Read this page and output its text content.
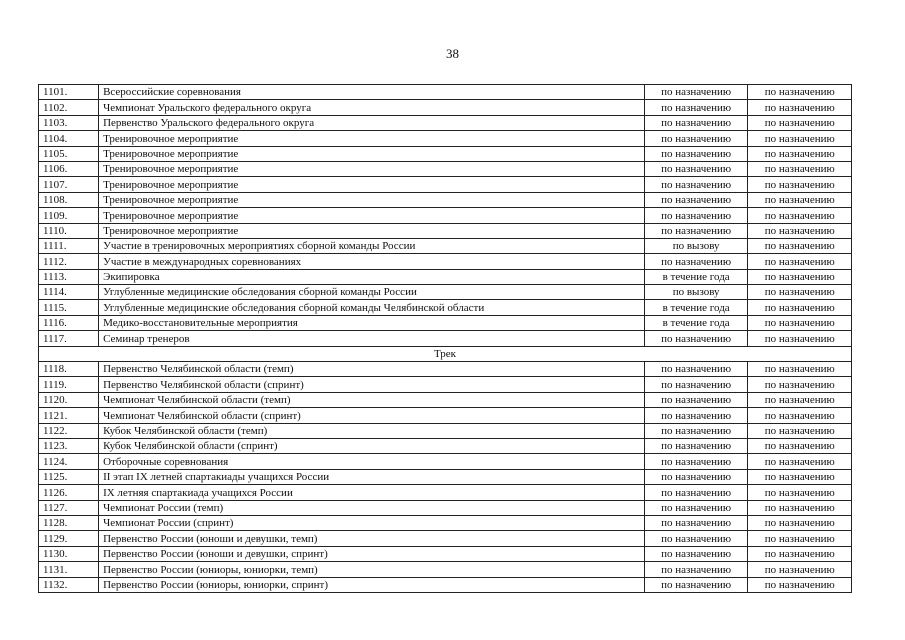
38
1101.	Всероссийские соревнования	по назначению	по назначению
1102.	Чемпионат Уральского федерального округа	по назначению	по назначению
1103.	Первенство Уральского федерального округа	по назначению	по назначению
1104.	Тренировочное мероприятие	по назначению	по назначению
1105.	Тренировочное мероприятие	по назначению	по назначению
1106.	Тренировочное мероприятие	по назначению	по назначению
1107.	Тренировочное мероприятие	по назначению	по назначению
1108.	Тренировочное мероприятие	по назначению	по назначению
1109.	Тренировочное мероприятие	по назначению	по назначению
1110.	Тренировочное мероприятие	по назначению	по назначению
1111.	Участие в тренировочных мероприятиях сборной команды России	по вызову	по назначению
1112.	Участие в международных соревнованиях	по назначению	по назначению
1113.	Экипировка	в течение года	по назначению
1114.	Углубленные медицинские обследования сборной команды России	по вызову	по назначению
1115.	Углубленные медицинские обследования сборной команды Челябинской области	в течение года	по назначению
1116.	Медико-восстановительные мероприятия	в течение года	по назначению
1117.	Семинар тренеров	по назначению	по назначению
Трек			
1118.	Первенство Челябинской области (темп)	по назначению	по назначению
1119.	Первенство Челябинской области (спринт)	по назначению	по назначению
1120.	Чемпионат Челябинской области (темп)	по назначению	по назначению
1121.	Чемпионат Челябинской области (спринт)	по назначению	по назначению
1122.	Кубок Челябинской области (темп)	по назначению	по назначению
1123.	Кубок Челябинской области (спринт)	по назначению	по назначению
1124.	Отборочные соревнования	по назначению	по назначению
1125.	II этап IX летней спартакиады учащихся России	по назначению	по назначению
1126.	IX летняя спартакиада учащихся России	по назначению	по назначению
1127.	Чемпионат России (темп)	по назначению	по назначению
1128.	Чемпионат России (спринт)	по назначению	по назначению
1129.	Первенство России (юноши и девушки, темп)	по назначению	по назначению
1130.	Первенство России (юноши и девушки, спринт)	по назначению	по назначению
1131.	Первенство России (юниоры, юниорки, темп)	по назначению	по назначению
1132.	Первенство России (юниоры, юниорки, спринт)	по назначению	по назначению
